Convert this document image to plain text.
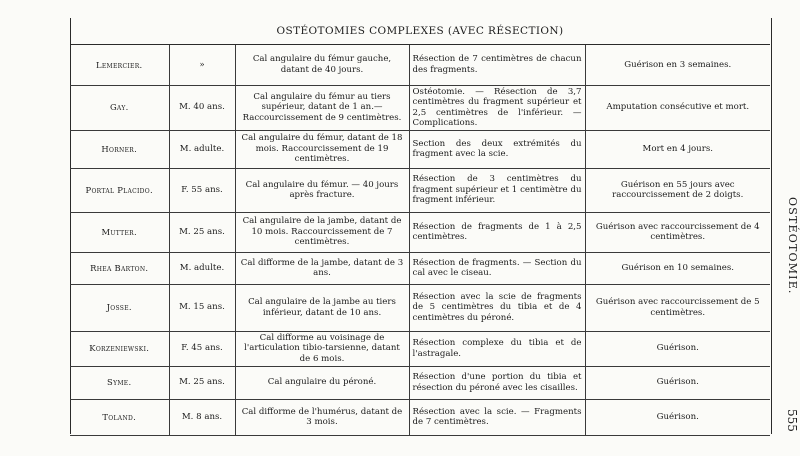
OSTÉOTOMIES COMPLEXES (AVEC RÉSECTION)
Lemercier.	»	Cal angulaire du fémur gauche, datant de 40 jours.	Résection de 7 centimètres de chacun des fragments.	Guérison en 3 semaines.
Gay.	M. 40 ans.	Cal angulaire du fémur au tiers supérieur, datant de 1 an.—Raccourcissement de 9 centimètres.	Ostéotomie. — Résection de 3,7 centimètres du fragment supérieur et 2,5 centimètres de l'inférieur. — Complications.	Amputation consécutive et mort.
Horner.	M. adulte.	Cal angulaire du fémur, datant de 18 mois. Raccourcissement de 19 centimètres.	Section des deux extrémités du fragment avec la scie.	Mort en 4 jours.
Portal Placido.	F. 55 ans.	Cal angulaire du fémur. — 40 jours après fracture.	Résection de 3 centimètres du fragment supérieur et 1 centimètre du fragment inférieur.	Guérison en 55 jours avec raccourcissement de 2 doigts.
Mutter.	M. 25 ans.	Cal angulaire de la jambe, datant de 10 mois. Raccourcissement de 7 centimètres.	Résection de fragments de 1 à 2,5 centimètres.	Guérison avec raccourcissement de 4 centimètres.
Rhea Barton.	M. adulte.	Cal difforme de la jambe, datant de 3 ans.	Résection de fragments. — Section du cal avec le ciseau.	Guérison en 10 semaines.
Josse.	M. 15 ans.	Cal angulaire de la jambe au tiers inférieur, datant de 10 ans.	Résection avec la scie de fragments de 5 centimètres du tibia et de 4 centimètres du péroné.	Guérison avec raccourcissement de 5 centimètres.
Korzeniewski.	F. 45 ans.	Cal difforme au voisinage de l'articulation tibio-tarsienne, datant de 6 mois.	Résection complexe du tibia et de l'astragale.	Guérison.
Syme.	M. 25 ans.	Cal angulaire du péroné.	Résection d'une portion du tibia et résection du péroné avec les cisailles.	Guérison.
Toland.	M. 8 ans.	Cal difforme de l'humérus, datant de 3 mois.	Résection avec la scie. — Fragments de 7 centimètres.	Guérison.
OSTÉOTOMIE.
555
